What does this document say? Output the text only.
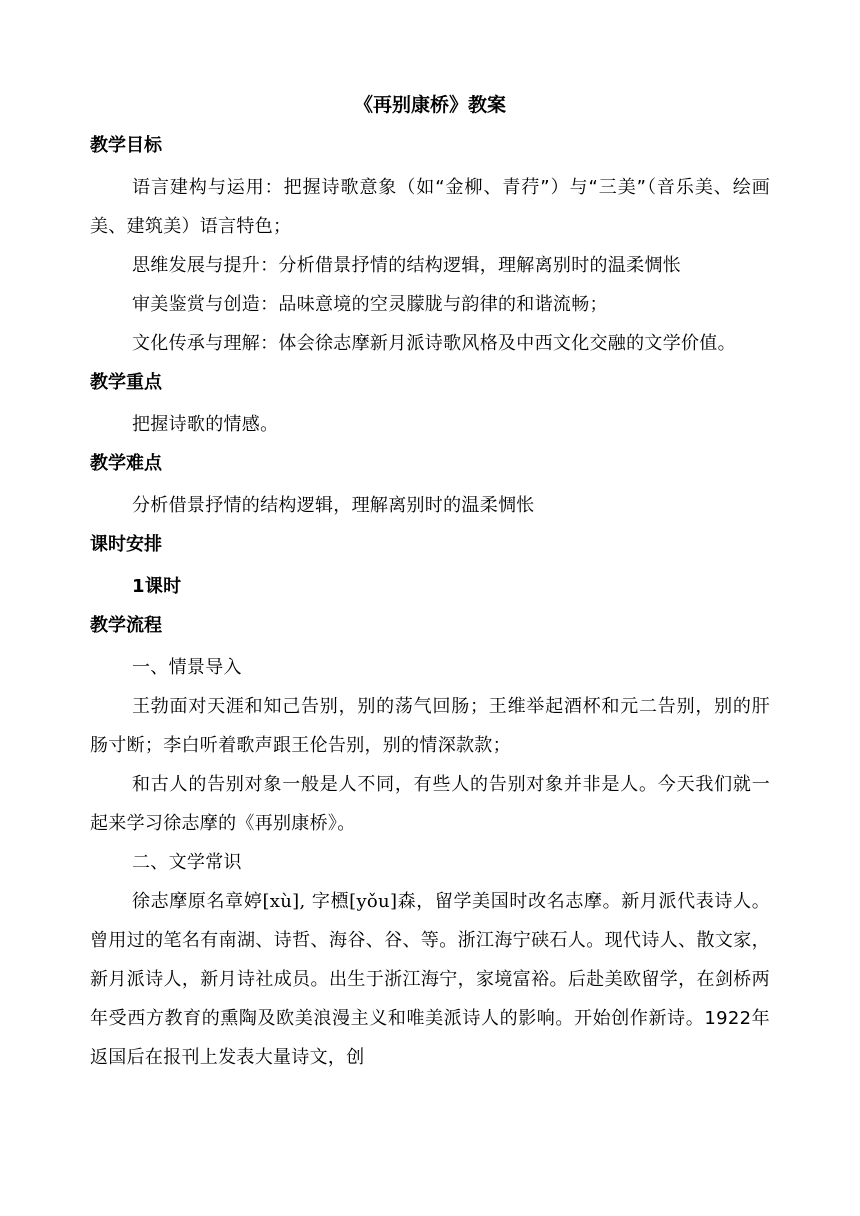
《再别康桥》教案
教学目标

语言建构与运用：把握诗歌意象（如“金柳、青荇”）与“三美”（音乐美、绘画美、建筑美）语言特色；

思维发展与提升：分析借景抒情的结构逻辑，理解离别时的温柔惆怅

审美鉴赏与创造：品味意境的空灵朦胧与韵律的和谐流畅；

文化传承与理解：体会徐志摩新月派诗歌风格及中西文化交融的文学价值。

教学重点

把握诗歌的情感。

教学难点

分析借景抒情的结构逻辑，理解离别时的温柔惆怅

课时安排

1课时

教学流程

一、情景导入

王勃面对天涯和知己告别，别的荡气回肠；王维举起酒杯和元二告别，别的肝肠寸断；李白听着歌声跟王伦告别，别的情深款款；

和古人的告别对象一般是人不同，有些人的告别对象并非是人。今天我们就一起来学习徐志摩的《再别康桥》。

二、文学常识

徐志摩原名章婷[xù], 字槱[yǒu]森，留学美国时改名志摩。新月派代表诗人。曾用过的笔名有南湖、诗哲、海谷、谷、等。浙江海宁硖石人。现代诗人、散文家，新月派诗人，新月诗社成员。出生于浙江海宁，家境富裕。后赴美欧留学，在剑桥两年受西方教育的熏陶及欧美浪漫主义和唯美派诗人的影响。开始创作新诗。1922年返国后在报刊上发表大量诗文，创
